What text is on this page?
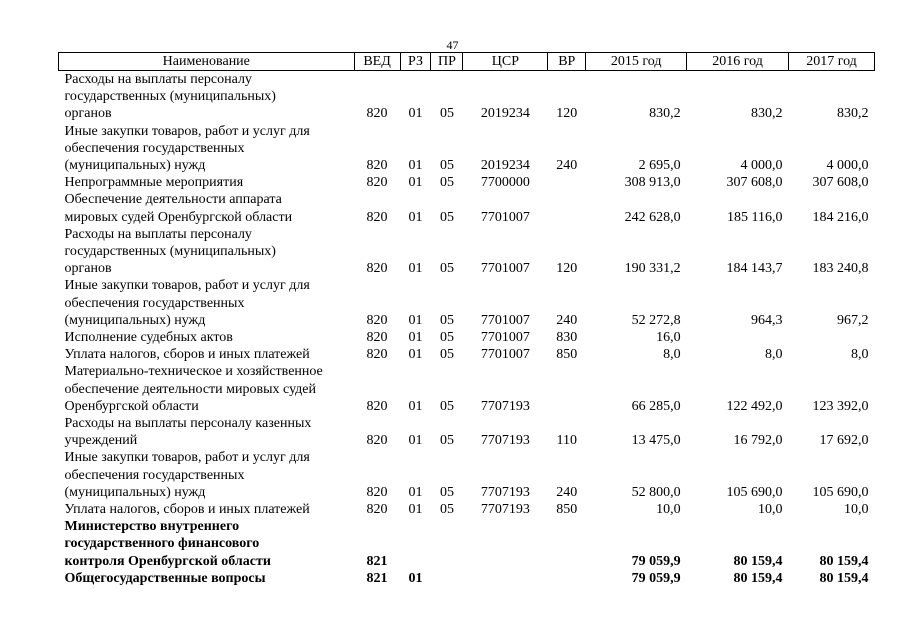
47
Наименование	ВЕД	РЗ	ПР	ЦСР	ВР	2015 год	2016 год	2017 год

Расходы на выплаты персоналу
государственных (муниципальных)
органов	820	01	05	2019234	120	830,2	830,2	830,2

Иные закупки товаров, работ и услуг для
обеспечения государственных
(муниципальных) нужд	820	01	05	2019234	240	2 695,0	4 000,0	4 000,0

Непрограммные мероприятия	820	01	05	7700000		308 913,0	307 608,0	307 608,0

Обеспечение деятельности аппарата
мировых судей Оренбургской области	820	01	05	7701007		242 628,0	185 116,0	184 216,0

Расходы на выплаты персоналу
государственных (муниципальных)
органов	820	01	05	7701007	120	190 331,2	184 143,7	183 240,8

Иные закупки товаров, работ и услуг для
обеспечения государственных
(муниципальных) нужд	820	01	05	7701007	240	52 272,8	964,3	967,2

Исполнение судебных актов	820	01	05	7701007	830	16,0		

Уплата налогов, сборов и иных платежей	820	01	05	7701007	850	8,0	8,0	8,0

Материально-техническое и хозяйственное
обеспечение деятельности мировых судей
Оренбургской области	820	01	05	7707193		66 285,0	122 492,0	123 392,0

Расходы на выплаты персоналу казенных
учреждений	820	01	05	7707193	110	13 475,0	16 792,0	17 692,0

Иные закупки товаров, работ и услуг для
обеспечения государственных
(муниципальных) нужд	820	01	05	7707193	240	52 800,0	105 690,0	105 690,0

Уплата налогов, сборов и иных платежей	820	01	05	7707193	850	10,0	10,0	10,0

Министерство внутреннего
государственного финансового
контроля Оренбургской области	821					79 059,9	80 159,4	80 159,4

Общегосударственные вопросы	821	01				79 059,9	80 159,4	80 159,4
